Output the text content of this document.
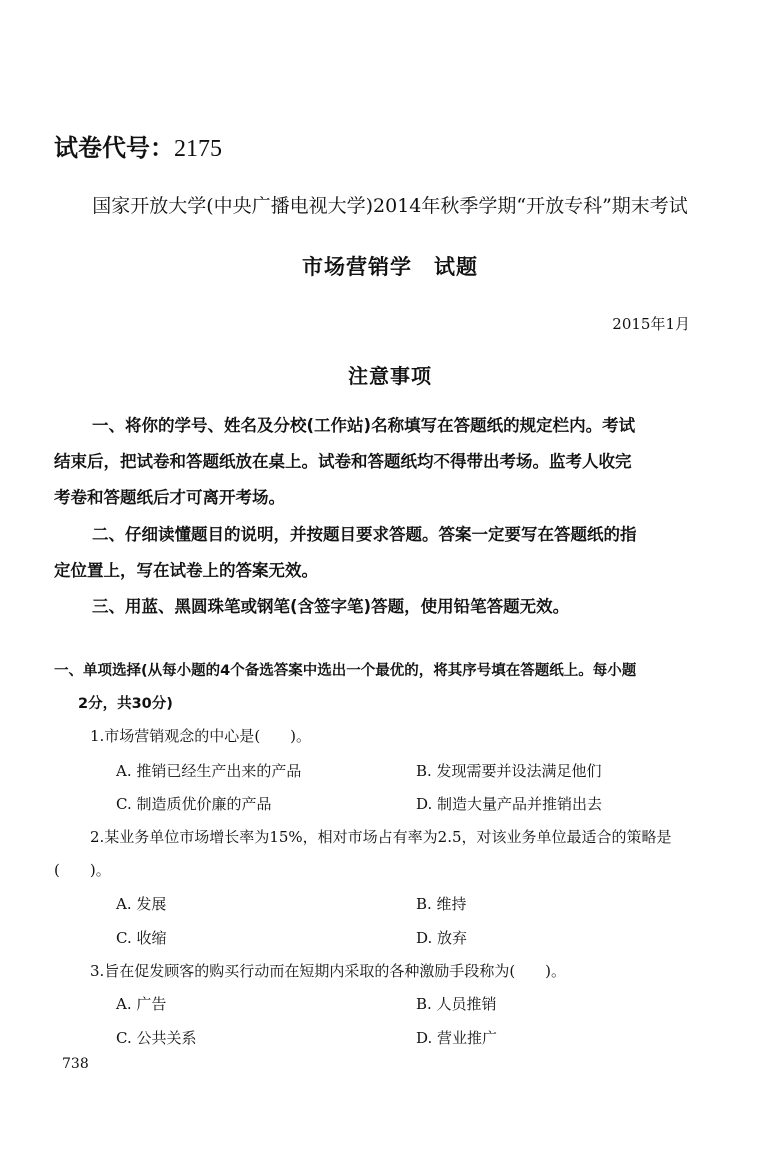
试卷代号：2175
国家开放大学(中央广播电视大学)2014年秋季学期“开放专科”期末考试
市场营销学　试题
2015年1月
注意事项
一、将你的学号、姓名及分校(工作站)名称填写在答题纸的规定栏内。考试
结束后，把试卷和答题纸放在桌上。试卷和答题纸均不得带出考场。监考人收完
考卷和答题纸后才可离开考场。
二、仔细读懂题目的说明，并按题目要求答题。答案一定要写在答题纸的指
定位置上，写在试卷上的答案无效。
三、用蓝、黑圆珠笔或钢笔(含签字笔)答题，使用铅笔答题无效。
一、单项选择(从每小题的4个备选答案中选出一个最优的，将其序号填在答题纸上。每小题
2分，共30分)
1.市场营销观念的中心是(　　)。
A. 推销已经生产出来的产品	B. 发现需要并设法满足他们
C. 制造质优价廉的产品	D. 制造大量产品并推销出去
2.某业务单位市场增长率为15%，相对市场占有率为2.5，对该业务单位最适合的策略是
(　　)。
A. 发展	B. 维持
C. 收缩	D. 放弃
3.旨在促发顾客的购买行动而在短期内采取的各种激励手段称为(　　)。
A. 广告	B. 人员推销
C. 公共关系	D. 营业推广
738
